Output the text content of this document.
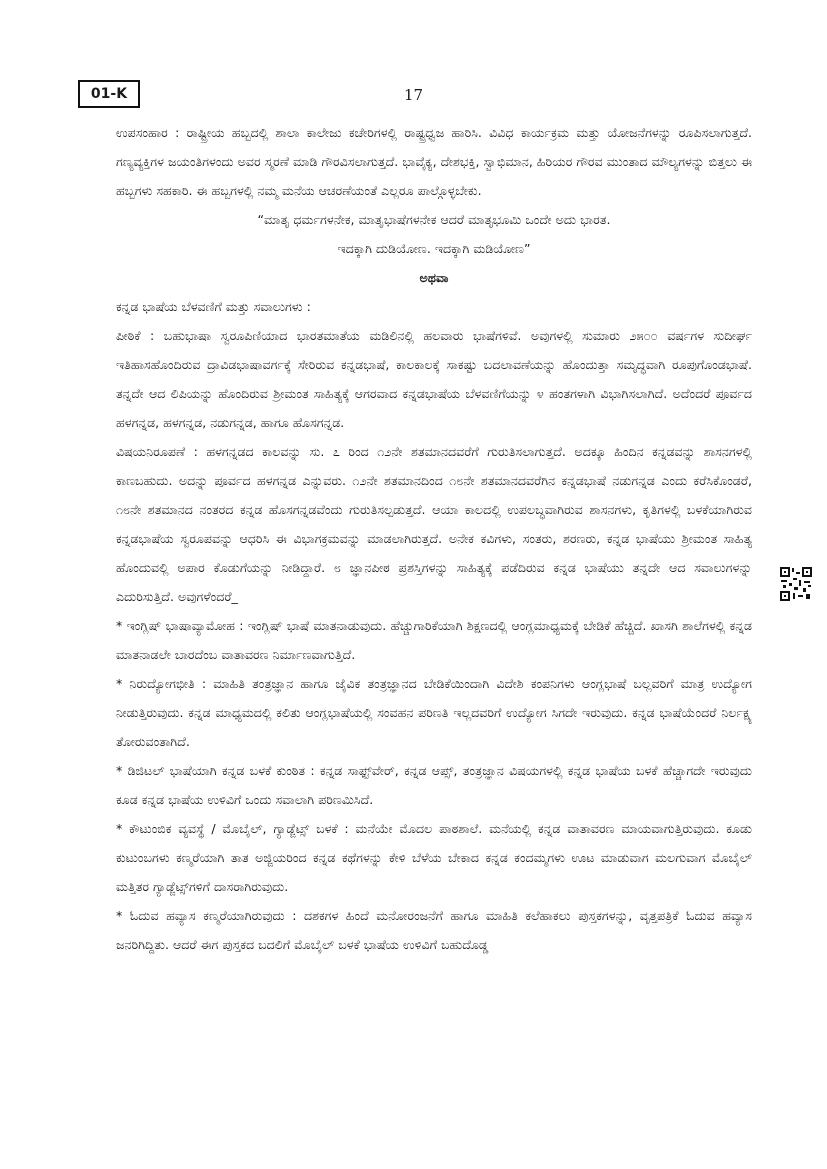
01-K	17

ಉಪಸಂಹಾರ : ರಾಷ್ಟ್ರೀಯ ಹಬ್ಬದಲ್ಲಿ ಶಾಲಾ ಕಾಲೇಜು ಕಚೇರಿಗಳಲ್ಲಿ ರಾಷ್ಟ್ರಧ್ವಜ ಹಾರಿಸಿ. ವಿವಿಧ ಕಾರ್ಯಕ್ರಮ ಮತ್ತು ಯೋಜನೆಗಳನ್ನು ರೂಪಿಸಲಾಗುತ್ತದೆ. ಗಣ್ಯವ್ಯಕ್ತಿಗಳ ಜಯಂತಿಗಳಂದು ಅವರ ಸ್ಮರಣೆ ಮಾಡಿ ಗೌರವಿಸಲಾಗುತ್ತದೆ. ಭಾವೈಕ್ಯ, ದೇಶಭಕ್ತಿ, ಸ್ವಾಭಿಮಾನ, ಹಿರಿಯರ ಗೌರವ ಮುಂತಾದ ಮೌಲ್ಯಗಳನ್ನು ಬಿತ್ತಲು ಈ ಹಬ್ಬಗಳು ಸಹಕಾರಿ. ಈ ಹಬ್ಬಗಳಲ್ಲಿ ನಮ್ಮ ಮನೆಯ ಆಚರಣೆಯಂತೆ ಎಲ್ಲರೂ ಪಾಲ್ಗೊಳ್ಳಬೇಕು.

“ಮಾತೃ ಧರ್ಮಗಳನೇಕ, ಮಾತೃಭಾಷೆಗಳನೇಕ ಆದರೆ ಮಾತೃಭೂಮಿ ಒಂದೇ ಅದು ಭಾರತ.

ಇದಕ್ಕಾಗಿ ದುಡಿಯೋಣ. ಇದಕ್ಕಾಗಿ ಮಡಿಯೋಣ”

ಅಥವಾ

ಕನ್ನಡ ಭಾಷೆಯ ಬೆಳವಣಿಗೆ ಮತ್ತು ಸವಾಲುಗಳು :

ಪೀಠಿಕೆ : ಬಹುಭಾಷಾ ಸ್ವರೂಪಿಣಿಯಾದ ಭಾರತಮಾತೆಯ ಮಡಿಲಿನಲ್ಲಿ ಹಲವಾರು ಭಾಷೆಗಳಿವೆ. ಅವುಗಳಲ್ಲಿ ಸುಮಾರು ೨೫೦೦ ವರ್ಷಗಳ ಸುದೀರ್ಘ ಇತಿಹಾಸಹೊಂದಿರುವ ದ್ರಾವಿಡಭಾಷಾವರ್ಗಕ್ಕೆ ಸೇರಿರುವ ಕನ್ನಡಭಾಷೆ, ಕಾಲಕಾಲಕ್ಕೆ ಸಾಕಷ್ಟು ಬದಲಾವಣೆಯನ್ನು ಹೊಂದುತ್ತಾ ಸಮೃದ್ಧವಾಗಿ ರೂಪುಗೊಂಡಭಾಷೆ. ತನ್ನದೇ ಆದ ಲಿಪಿಯನ್ನು ಹೊಂದಿರುವ ಶ್ರೀಮಂತ ಸಾಹಿತ್ಯಕ್ಕೆ ಆಗರವಾದ ಕನ್ನಡಭಾಷೆಯ ಬೆಳವಣಿಗೆಯನ್ನು ೪ ಹಂತಗಳಾಗಿ ವಿಭಾಗಿಸಲಾಗಿದೆ. ಅದೆಂದರೆ ಪೂರ್ವದ ಹಳಗನ್ನಡ, ಹಳಗನ್ನಡ, ನಡುಗನ್ನಡ, ಹಾಗೂ ಹೊಸಗನ್ನಡ.

ವಿಷಯನಿರೂಪಣೆ : ಹಳಗನ್ನಡದ ಕಾಲವನ್ನು ಸು. ೭ ರಿಂದ ೧೨ನೇ ಶತಮಾನದವರೆಗೆ ಗುರುತಿಸಲಾಗುತ್ತದೆ. ಅದಕ್ಕೂ ಹಿಂದಿನ ಕನ್ನಡವನ್ನು ಶಾಸನಗಳಲ್ಲಿ ಕಾಣಬಹುದು. ಅದನ್ನು ಪೂರ್ವದ ಹಳಗನ್ನಡ ಎನ್ನುವರು. ೧೨ನೇ ಶತಮಾನದಿಂದ ೧೮ನೇ ಶತಮಾನದವರೆಗಿನ ಕನ್ನಡಭಾಷೆ ನಡುಗನ್ನಡ ಎಂದು ಕರೆಸಿಕೊಂಡರೆ, ೧೮ನೇ ಶತಮಾನದ ನಂತರದ ಕನ್ನಡ ಹೊಸಗನ್ನಡವೆಂದು ಗುರುತಿಸಲ್ಪಡುತ್ತದೆ. ಆಯಾ ಕಾಲದಲ್ಲಿ ಉಪಲಬ್ಧವಾಗಿರುವ ಶಾಸನಗಳು, ಕೃತಿಗಳಲ್ಲಿ ಬಳಕೆಯಾಗಿರುವ ಕನ್ನಡಭಾಷೆಯ ಸ್ವರೂಪವನ್ನು ಆಧರಿಸಿ ಈ ವಿಭಾಗಕ್ರಮವನ್ನು ಮಾಡಲಾಗಿರುತ್ತದೆ. ಅನೇಕ ಕವಿಗಳು, ಸಂತರು, ಶರಣರು, ಕನ್ನಡ ಭಾಷೆಯು ಶ್ರೀಮಂತ ಸಾಹಿತ್ಯ ಹೊಂದುವಲ್ಲಿ ಅಪಾರ ಕೊಡುಗೆಯನ್ನು ನೀಡಿದ್ದಾರೆ. ೮ ಜ್ಞಾನಪೀಠ ಪ್ರಶಸ್ತಿಗಳನ್ನು ಸಾಹಿತ್ಯಕ್ಕೆ ಪಡೆದಿರುವ ಕನ್ನಡ ಭಾಷೆಯು ತನ್ನದೇ ಆದ ಸವಾಲುಗಳನ್ನು ಎದುರಿಸುತ್ತಿದೆ. ಅವುಗಳೆಂದರೆ_

* ಇಂಗ್ಲಿಷ್ ಭಾಷಾವ್ಯಾಮೋಹ : ಇಂಗ್ಲಿಷ್ ಭಾಷೆ ಮಾತನಾಡುವುದು. ಹೆಚ್ಚುಗಾರಿಕೆಯಾಗಿ ಶಿಕ್ಷಣದಲ್ಲಿ ಆಂಗ್ಲಮಾಧ್ಯಮಕ್ಕೆ ಬೇಡಿಕೆ ಹೆಚ್ಚಿದೆ. ಖಾಸಗಿ ಶಾಲೆಗಳಲ್ಲಿ ಕನ್ನಡ ಮಾತನಾಡಲೇ ಬಾರದೆಂಬ ವಾತಾವರಣ ನಿರ್ಮಾಣವಾಗುತ್ತಿದೆ.

* ನಿರುದ್ಯೋಗಭೀತಿ : ಮಾಹಿತಿ ತಂತ್ರಜ್ಞಾನ ಹಾಗೂ ಜೈವಿಕ ತಂತ್ರಜ್ಞಾನದ ಬೇಡಿಕೆಯಿಂದಾಗಿ ವಿದೇಶಿ ಕಂಪನಿಗಳು ಆಂಗ್ಲಭಾಷೆ ಬಲ್ಲವರಿಗೆ ಮಾತ್ರ ಉದ್ಯೋಗ ನೀಡುತ್ತಿರುವುದು. ಕನ್ನಡ ಮಾಧ್ಯಮದಲ್ಲಿ ಕಲಿತು ಆಂಗ್ಲಭಾಷೆಯಲ್ಲಿ ಸಂವಹನ ಪರಿಣತಿ ಇಲ್ಲದವರಿಗೆ ಉದ್ಯೋಗ ಸಿಗದೇ ಇರುವುದು. ಕನ್ನಡ ಭಾಷೆಯೆಂದರೆ ನಿರ್ಲಕ್ಷ್ಯ ತೋರುವಂತಾಗಿದೆ.

* ಡಿಜಿಟಲ್ ಭಾಷೆಯಾಗಿ ಕನ್ನಡ ಬಳಕೆ ಕುಂಠಿತ : ಕನ್ನಡ ಸಾಫ್ಟ್‌ವೇರ್, ಕನ್ನಡ ಆಪ್ಸ್, ತಂತ್ರಜ್ಞಾನ ವಿಷಯಗಳಲ್ಲಿ ಕನ್ನಡ ಭಾಷೆಯ ಬಳಕೆ ಹೆಚ್ಚಾಗದೇ ಇರುವುದು ಕೂಡ ಕನ್ನಡ ಭಾಷೆಯ ಉಳಿವಿಗೆ ಒಂದು ಸವಾಲಾಗಿ ಪರಿಣಮಿಸಿದೆ.

* ಕೌಟುಂಬಿಕ ವ್ಯವಸ್ಥೆ / ಮೊಬೈಲ್, ಗ್ಯಾಡ್ಜೆಟ್ಸ್ ಬಳಕೆ : ಮನೆಯೇ ಮೊದಲ ಪಾಠಶಾಲೆ. ಮನೆಯಲ್ಲಿ ಕನ್ನಡ ವಾತಾವರಣ ಮಾಯವಾಗುತ್ತಿರುವುದು. ಕೂಡು ಕುಟುಂಬಗಳು ಕಣ್ಮರೆಯಾಗಿ ತಾತ ಅಜ್ಜಿಯರಿಂದ ಕನ್ನಡ ಕಥೆಗಳನ್ನು ಕೇಳಿ ಬೆಳೆಯ ಬೇಕಾದ ಕನ್ನಡ ಕಂದಮ್ಮಗಳು ಊಟ ಮಾಡುವಾಗ ಮಲಗುವಾಗ ಮೊಬೈಲ್ ಮತ್ತಿತರ ಗ್ಯಾಡ್ಜೆಟ್ಸ್‌ಗಳಿಗೆ ದಾಸರಾಗಿರುವುದು.

* ಓದುವ ಹವ್ಯಾಸ ಕಣ್ಮರೆಯಾಗಿರುವುದು : ದಶಕಗಳ ಹಿಂದೆ ಮನೋರಂಜನೆಗೆ ಹಾಗೂ ಮಾಹಿತಿ ಕಲೆಹಾಕಲು ಪುಸ್ತಕಗಳನ್ನು, ವೃತ್ತಪತ್ರಿಕೆ ಓದುವ ಹವ್ಯಾಸ ಜನರಿಗಿದ್ದಿತು. ಆದರೆ ಈಗ ಪುಸ್ತಕದ ಬದಲಿಗೆ ಮೊಬೈಲ್ ಬಳಕೆ ಭಾಷೆಯ ಉಳಿವಿಗೆ ಬಹುದೊಡ್ಡ
